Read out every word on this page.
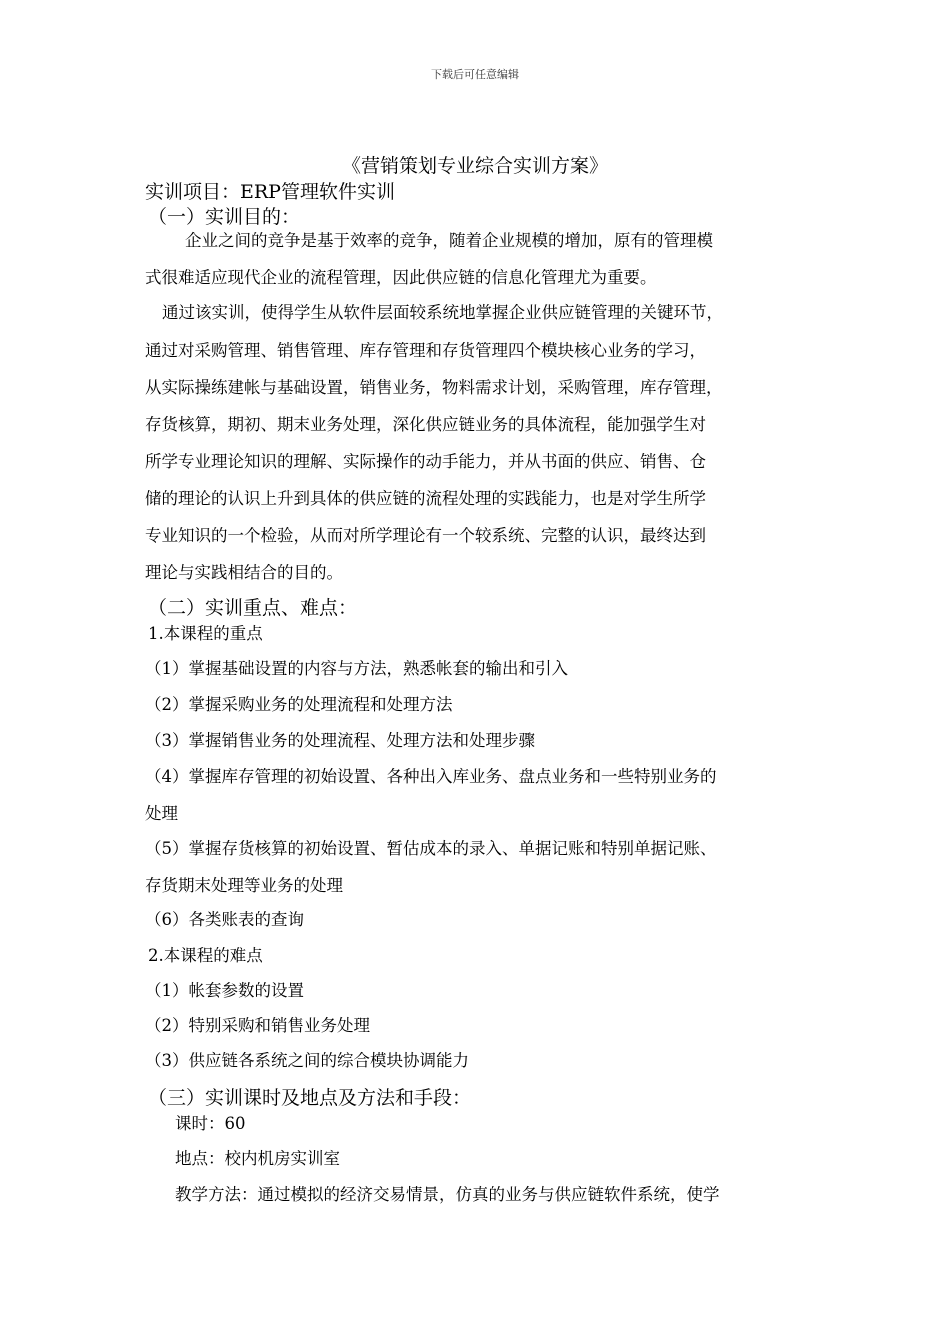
下载后可任意编辑
《营销策划专业综合实训方案》
实训项目：ERP管理软件实训
（一）实训目的：
企业之间的竞争是基于效率的竞争，随着企业规模的增加，原有的管理模
式很难适应现代企业的流程管理，因此供应链的信息化管理尤为重要。
通过该实训，使得学生从软件层面较系统地掌握企业供应链管理的关键环节，
通过对采购管理、销售管理、库存管理和存货管理四个模块核心业务的学习，
从实际操练建帐与基础设置，销售业务，物料需求计划，采购管理，库存管理，
存货核算，期初、期末业务处理，深化供应链业务的具体流程，能加强学生对
所学专业理论知识的理解、实际操作的动手能力，并从书面的供应、销售、仓
储的理论的认识上升到具体的供应链的流程处理的实践能力，也是对学生所学
专业知识的一个检验，从而对所学理论有一个较系统、完整的认识，最终达到
理论与实践相结合的目的。
（二）实训重点、难点：
1.本课程的重点
（1）掌握基础设置的内容与方法，熟悉帐套的输出和引入
（2）掌握采购业务的处理流程和处理方法
（3）掌握销售业务的处理流程、处理方法和处理步骤
（4）掌握库存管理的初始设置、各种出入库业务、盘点业务和一些特别业务的
处理
（5）掌握存货核算的初始设置、暂估成本的录入、单据记账和特别单据记账、
存货期末处理等业务的处理
（6）各类账表的查询
2.本课程的难点
（1）帐套参数的设置
（2）特别采购和销售业务处理
（3）供应链各系统之间的综合模块协调能力
（三）实训课时及地点及方法和手段：
课时：60
地点：校内机房实训室
教学方法：通过模拟的经济交易情景，仿真的业务与供应链软件系统，使学
